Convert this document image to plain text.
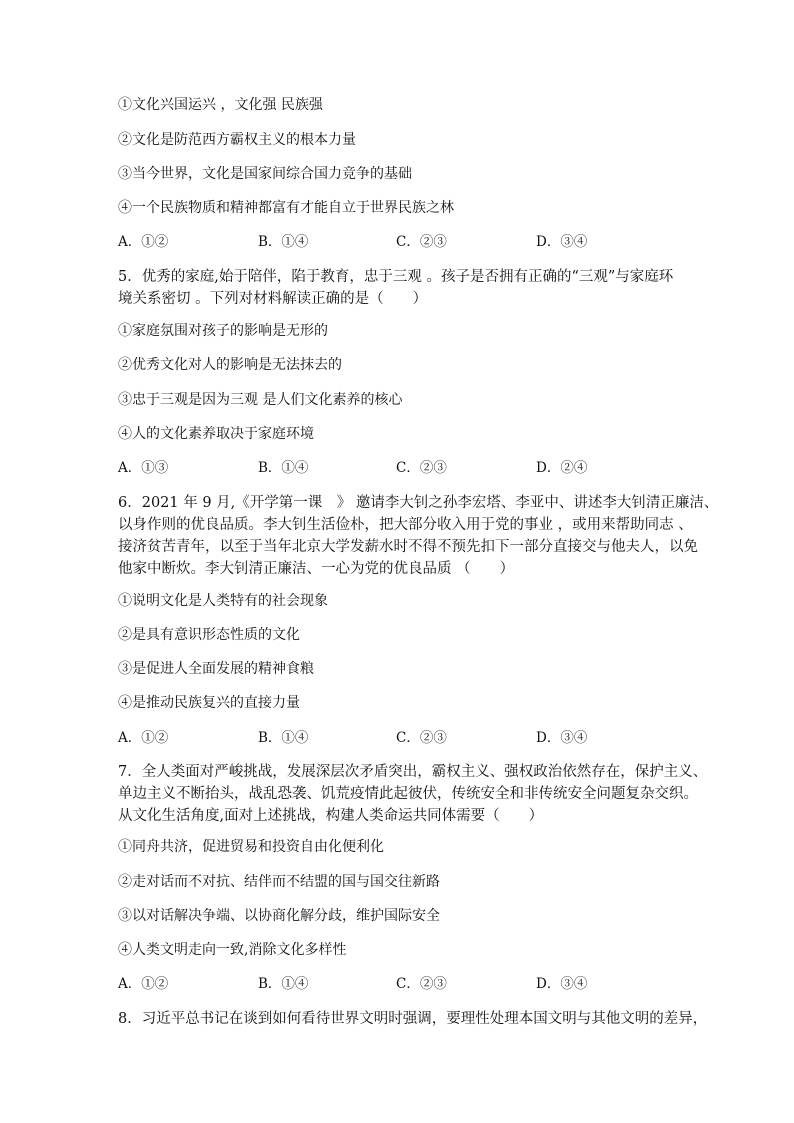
①文化兴国运兴 ，文化强 民族强
②文化是防范西方霸权主义的根本力量
③当今世界，文化是国家间综合国力竞争的基础
④一个民族物质和精神都富有才能自立于世界民族之林
A．①②	B．①④	C．②③	D．③④
5．优秀的家庭,始于陪伴，陷于教育，忠于三观 。孩子是否拥有正确的“三观”与家庭环
境关系密切 。下列对材料解读正确的是（　　）
①家庭氛围对孩子的影响是无形的
②优秀文化对人的影响是无法抹去的
③忠于三观是因为三观 是人们文化素养的核心
④人的文化素养取决于家庭环境
A．①③	B．①④	C．②③	D．②④
6．2021 年 9 月,《开学第一课　》 邀请李大钊之孙李宏塔、李亚中、讲述李大钊清正廉洁、
以身作则的优良品质。李大钊生活俭朴，把大部分收入用于党的事业 ，或用来帮助同志 、
接济贫苦青年，以至于当年北京大学发薪水时不得不预先扣下一部分直接交与他夫人，以免
他家中断炊。李大钊清正廉洁、一心为党的优良品质 （　　）
①说明文化是人类特有的社会现象
②是具有意识形态性质的文化
③是促进人全面发展的精神食粮
④是推动民族复兴的直接力量
A．①②	B．①④	C．②③	D．③④
7．全人类面对严峻挑战，发展深层次矛盾突出，霸权主义、强权政治依然存在，保护主义、
单边主义不断抬头，战乱恐袭、饥荒疫情此起彼伏，传统安全和非传统安全问题复杂交织。
从文化生活角度,面对上述挑战，构建人类命运共同体需要（　　）
①同舟共济，促进贸易和投资自由化便利化
②走对话而不对抗、结伴而不结盟的国与国交往新路
③以对话解决争端、以协商化解分歧，维护国际安全
④人类文明走向一致,消除文化多样性
A．①②	B．①④	C．②③	D．③④
8．习近平总书记在谈到如何看待世界文明时强调，要理性处理本国文明与其他文明的差异，
